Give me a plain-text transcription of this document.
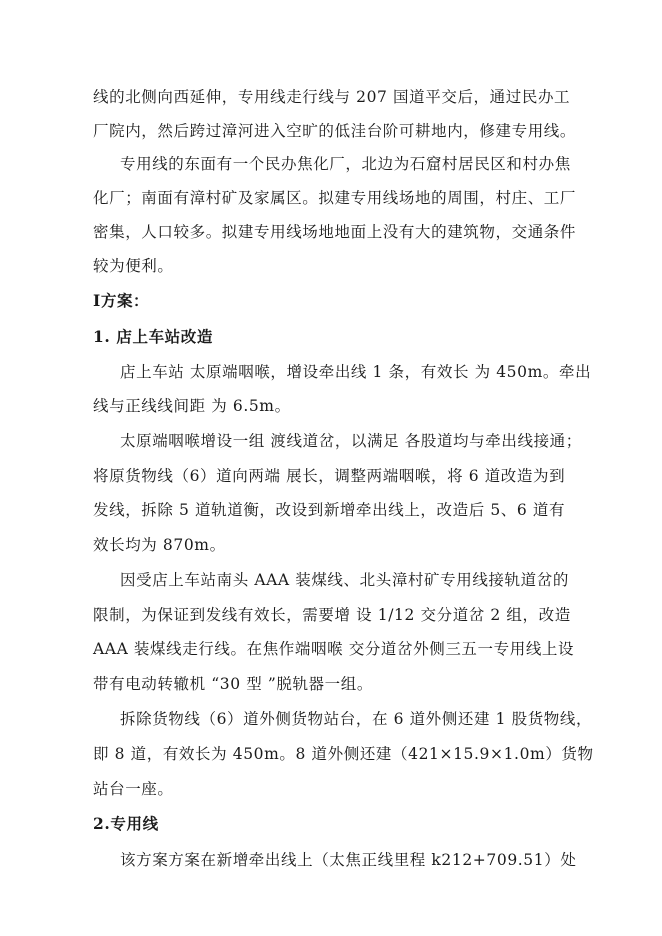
线的北侧向西延伸，专用线走行线与 207 国道平交后，通过民办工
厂院内，然后跨过漳河进入空旷的低洼台阶可耕地内，修建专用线。
专用线的东面有一个民办焦化厂，北边为石窟村居民区和村办焦
化厂；南面有漳村矿及家属区。拟建专用线场地的周围，村庄、工厂
密集，人口较多。拟建专用线场地地面上没有大的建筑物，交通条件
较为便利。
Ⅰ方案：
1. 店上车站改造
店上车站 太原端咽喉，增设牵出线 1 条，有效长 为 450m。牵出
线与正线线间距 为 6.5m。
太原端咽喉增设一组 渡线道岔，以满足 各股道均与牵出线接通；
将原货物线（6）道向两端 展长，调整两端咽喉，将 6 道改造为到
发线，拆除 5 道轨道衡，改设到新增牵出线上，改造后 5、6 道有
效长均为 870m。
因受店上车站南头 AAA 装煤线、北头漳村矿专用线接轨道岔的
限制，为保证到发线有效长，需要增 设 1/12 交分道岔 2 组，改造
AAA 装煤线走行线。在焦作端咽喉 交分道岔外侧三五一专用线上设
带有电动转辙机 “30 型 ”脱轨器一组。
拆除货物线（6）道外侧货物站台，在 6 道外侧还建 1 股货物线，
即 8 道，有效长为 450m。8 道外侧还建（421×15.9×1.0m）货物
站台一座。
2.专用线
该方案方案在新增牵出线上（太焦正线里程 k212+709.51）处
